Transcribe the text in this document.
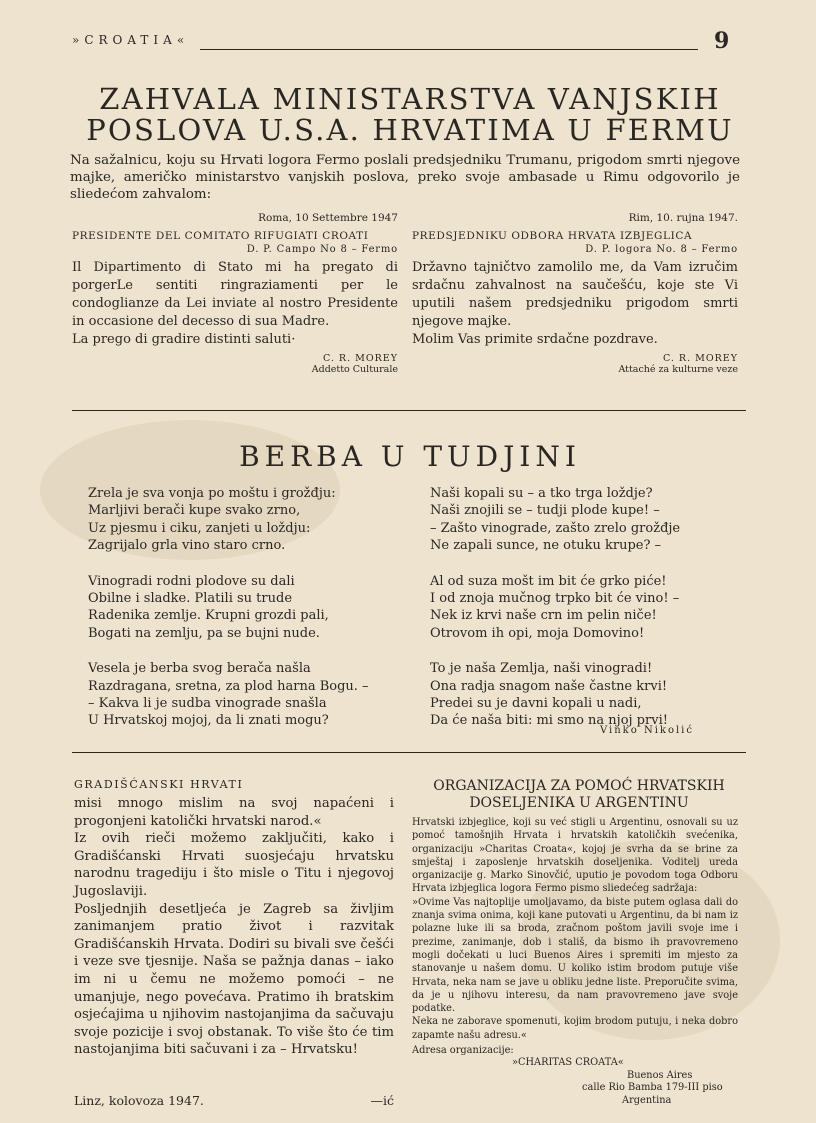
»CROATIA«	9
ZAHVALA MINISTARSTVA VANJSKIH
POSLOVA U.S.A. HRVATIMA U FERMU
Na sažalnicu, koju su Hrvati logora Fermo poslali predsjedniku Trumanu, prigodom smrti njegove majke, američko ministarstvo vanjskih poslova, preko svoje ambasade u Rimu odgovorilo je sliedećom zahvalom:
Roma, 10 Settembre 1947
PRESIDENTE DEL COMITATO RIFUGIATI CROATI
D. P. Campo No 8 – Fermo

Il Dipartimento di Stato mi ha pregato di porgerLe sentiti ringraziamenti per le condoglianze da Lei inviate al nostro Presidente in occasione del decesso di sua Madre.

La prego di gradire distinti saluti·

C. R. MOREY
Addetto Culturale
Rim, 10. rujna 1947.
PREDSJEDNIKU ODBORA HRVATA IZBJEGLICA
D. P. logora No. 8 – Fermo

Državno tajničtvo zamolilo me, da Vam izručim srdačnu zahvalnost na saučešću, koje ste Vi uputili našem predsjedniku prigodom smrti njegove majke.

Molim Vas primite srdačne pozdrave.

C. R. MOREY
Attaché za kulturne veze
BERBA U TUDJINI
Zrela je sva vonja po moštu i grožđju:
Marljivi berači kupe svako zrno,
Uz pjesmu i ciku, zanjeti u loždju:
Zagrijalo grla vino staro crno.
Vinogradi rodni plodove su dali
Obilne i sladke. Platili su trude
Radenika zemlje. Krupni grozdi pali,
Bogati na zemlju, pa se bujni nude.
Vesela je berba svog berača našla
Razdragana, sretna, za plod harna Bogu. –
– Kakva li je sudba vinograde snašla
U Hrvatskoj mojoj, da li znati mogu?
Naši kopali su – a tko trga loždje?
Naši znojili se – tudji plode kupe! –
– Zašto vinograde, zašto zrelo grožđje
Ne zapali sunce, ne otuku krupe? –
Al od suza mošt im bit će grko piće!
I od znoja mučnog trpko bit će vino! –
Nek iz krvi naše crn im pelin niče!
Otrovom ih opi, moja Domovino!
To je naša Zemlja, naši vinogradi!
Ona radja snagom naše častne krvi!
Predei su je davni kopali u nadi,
Da će naša biti: mi smo na njoj prvi!
Vinko Nikolić
GRADIŠĆANSKI HRVATI

misi mnogo mislim na svoj napaćeni i progonjeni katolički hrvatski narod.«

Iz ovih rieči možemo zaključiti, kako i Gradišćanski Hrvati suosjećaju hrvatsku narodnu tragediju i što misle o Titu i njegovoj Jugoslaviji.

Posljednjih desetljeća je Zagreb sa življim zanimanjem pratio život i razvitak Gradišćanskih Hrvata. Dodiri su bivali sve češći i veze sve tjesnije. Naša se pažnja danas – iako im ni u čemu ne možemo pomoći – ne umanjuje, nego povećava. Pratimo ih bratskim osjećajima u njihovim nastojanjima da sačuvaju svoje pozicije i svoj obstanak. To više što će tim nastojanjima biti sačuvani i za – Hrvatsku!

Linz, kolovoza 1947.	—ić
ORGANIZACIJA ZA POMOĆ HRVATSKIH
DOSELJENIKA U ARGENTINU

Hrvatski izbjeglice, koji su već stigli u Argentinu, osnovali su uz pomoć tamošnjih Hrvata i hrvatskih katoličkih svećenika, organizaciju »Charitas Croata«, kojoj je svrha da se brine za smještaj i zaposlenje hrvatskih doseljenika. Voditelj ureda organizacije g. Marko Sinovčić, uputio je povodom toga Odboru Hrvata izbjeglica logora Fermo pismo sliedećeg sadržaja:

»Ovime Vas najtoplije umoljavamo, da biste putem oglasa dali do znanja svima onima, koji kane putovati u Argentinu, da bi nam iz polazne luke ili sa broda, zračnom poštom javili svoje ime i prezime, zanimanje, dob i stališ, da bismo ih pravovremeno mogli dočekati u luci Buenos Aires i spremiti im mjesto za stanovanje u našem domu. U koliko istim brodom putuje više Hrvata, neka nam se jave u obliku jedne liste. Preporučite svima, da je u njihovu interesu, da nam pravovremeno jave svoje podatke.

Neka ne zaborave spomenuti, kojim brodom putuju, i neka dobro zapamte našu adresu.«

Adresa organizacije:

»CHARITAS CROATA«
Buenos Aires
calle Rio Bamba 179-III piso
Argentina
